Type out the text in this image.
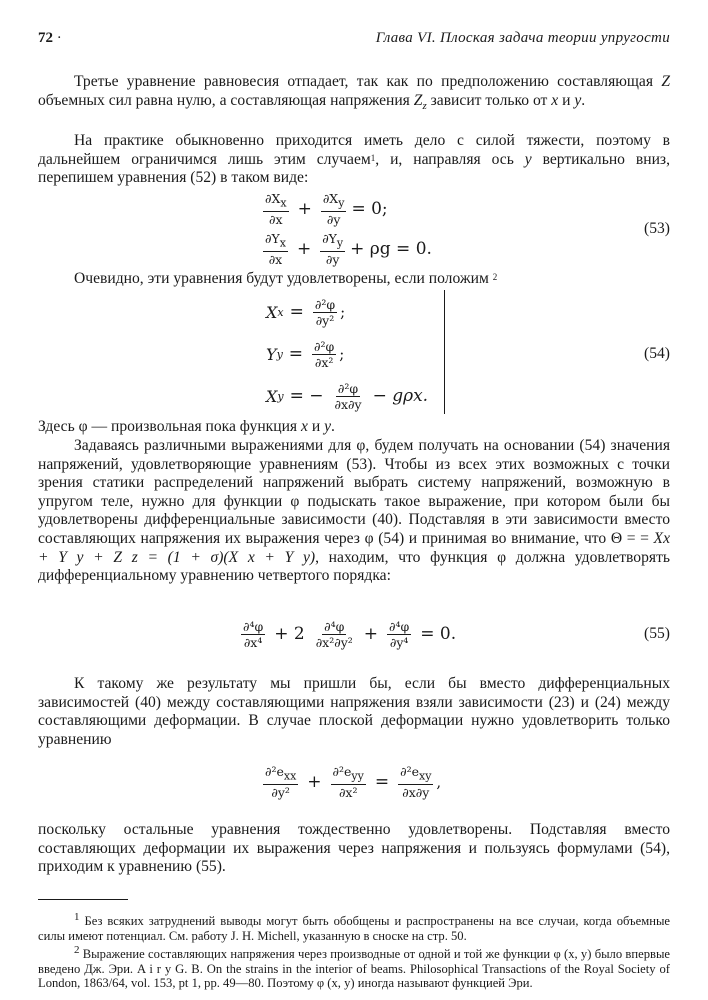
72 ·	Глава VI. Плоская задача теории упругости

Третье уравнение равновесия отпадает, так как по предположению составляющая Z объемных сил равна нулю, а составляющая напряжения $Z_z$ зависит только от x и y.

На практике обыкновенно приходится иметь дело с силой тяжести, поэтому в дальнейшем ограничимся лишь этим случаем$^1$, и, направляя ось y вертикально вниз, перепишем уравнения (52) в таком виде:

$\frac{\partial X_x}{\partial x} + \frac{\partial X_y}{\partial y} = 0$;
$\frac{\partial Y_x}{\partial x} + \frac{\partial Y_y}{\partial y} + \rho g = 0$.
(53)

Очевидно, эти уравнения будут удовлетворены, если положим $^2$

X $x = \frac{\text{∂²φ}}{\text{∂y²}}$ ;
Y $y = \frac{\text{∂²φ}}{\text{∂x²}}$ ;
X y = − $\frac{\text{∂²φ}}{\partial x\partial y} - g\rho x$.
(54)

Здесь φ — произвольная пока функция x и y.

Задаваясь различными выражениями для φ, будем получать на основании (54) значения напряжений, удовлетворяющие уравнениям (53). Чтобы из всех этих возможных с точки зрения статики распределений напряжений выбрать систему напряжений, возможную в упругом теле, нужно для функции φ подыскать такое выражение, при котором были бы удовлетворены дифференциальные зависимости (40). Подставляя в эти зависимости вместо составляющих напряжения их выражения через φ (54) и принимая во внимание, что Θ = = Xx + Y y + Z z = (1 + σ)(X x + Y y), находим, что функция φ должна удовлетворять дифференциальному уравнению четвертого порядка:

$\frac{\text{∂⁴φ}}{\text{∂x⁴}} + 2 \frac{\text{∂⁴φ}}{\text{∂x²∂y²}} + \frac{\text{∂⁴φ}}{\text{∂y⁴}} = 0$.	(55)

К такому же результату мы пришли бы, если бы вместо дифференциальных зависимостей (40) между составляющими напряжения взяли зависимости (23) и (24) между составляющими деформации. В случае плоской деформации нужно удовлетворить только уравнению

$\frac{\partial^2e_{xx}}{\text{∂y²}} + \frac{\partial^2e_{yy}}{\text{∂x²}} = \frac{\partial^2e_{xy}}{\partial x\partial y}$ ,

поскольку остальные уравнения тождественно удовлетворены. Подставляя вместо составляющих деформации их выражения через напряжения и пользуясь формулами (54), приходим к уравнению (55).

$^1$ Без всяких затруднений выводы могут быть обобщены и распространены на все случаи, когда объемные силы имеют потенциал. См. работу J. H. Michell, указанную в сноске на стр. 50.

$^2$ Выражение составляющих напряжения через производные от одной и той же функции φ (x, y) было впервые введено Дж. Эри. A i r y G. B. On the strains in the interior of beams. Philosophical Transactions of the Royal Society of London, 1863/64, vol. 153, pt 1, pp. 49—80. Поэтому φ (x, y) иногда называют функцией Эри.
